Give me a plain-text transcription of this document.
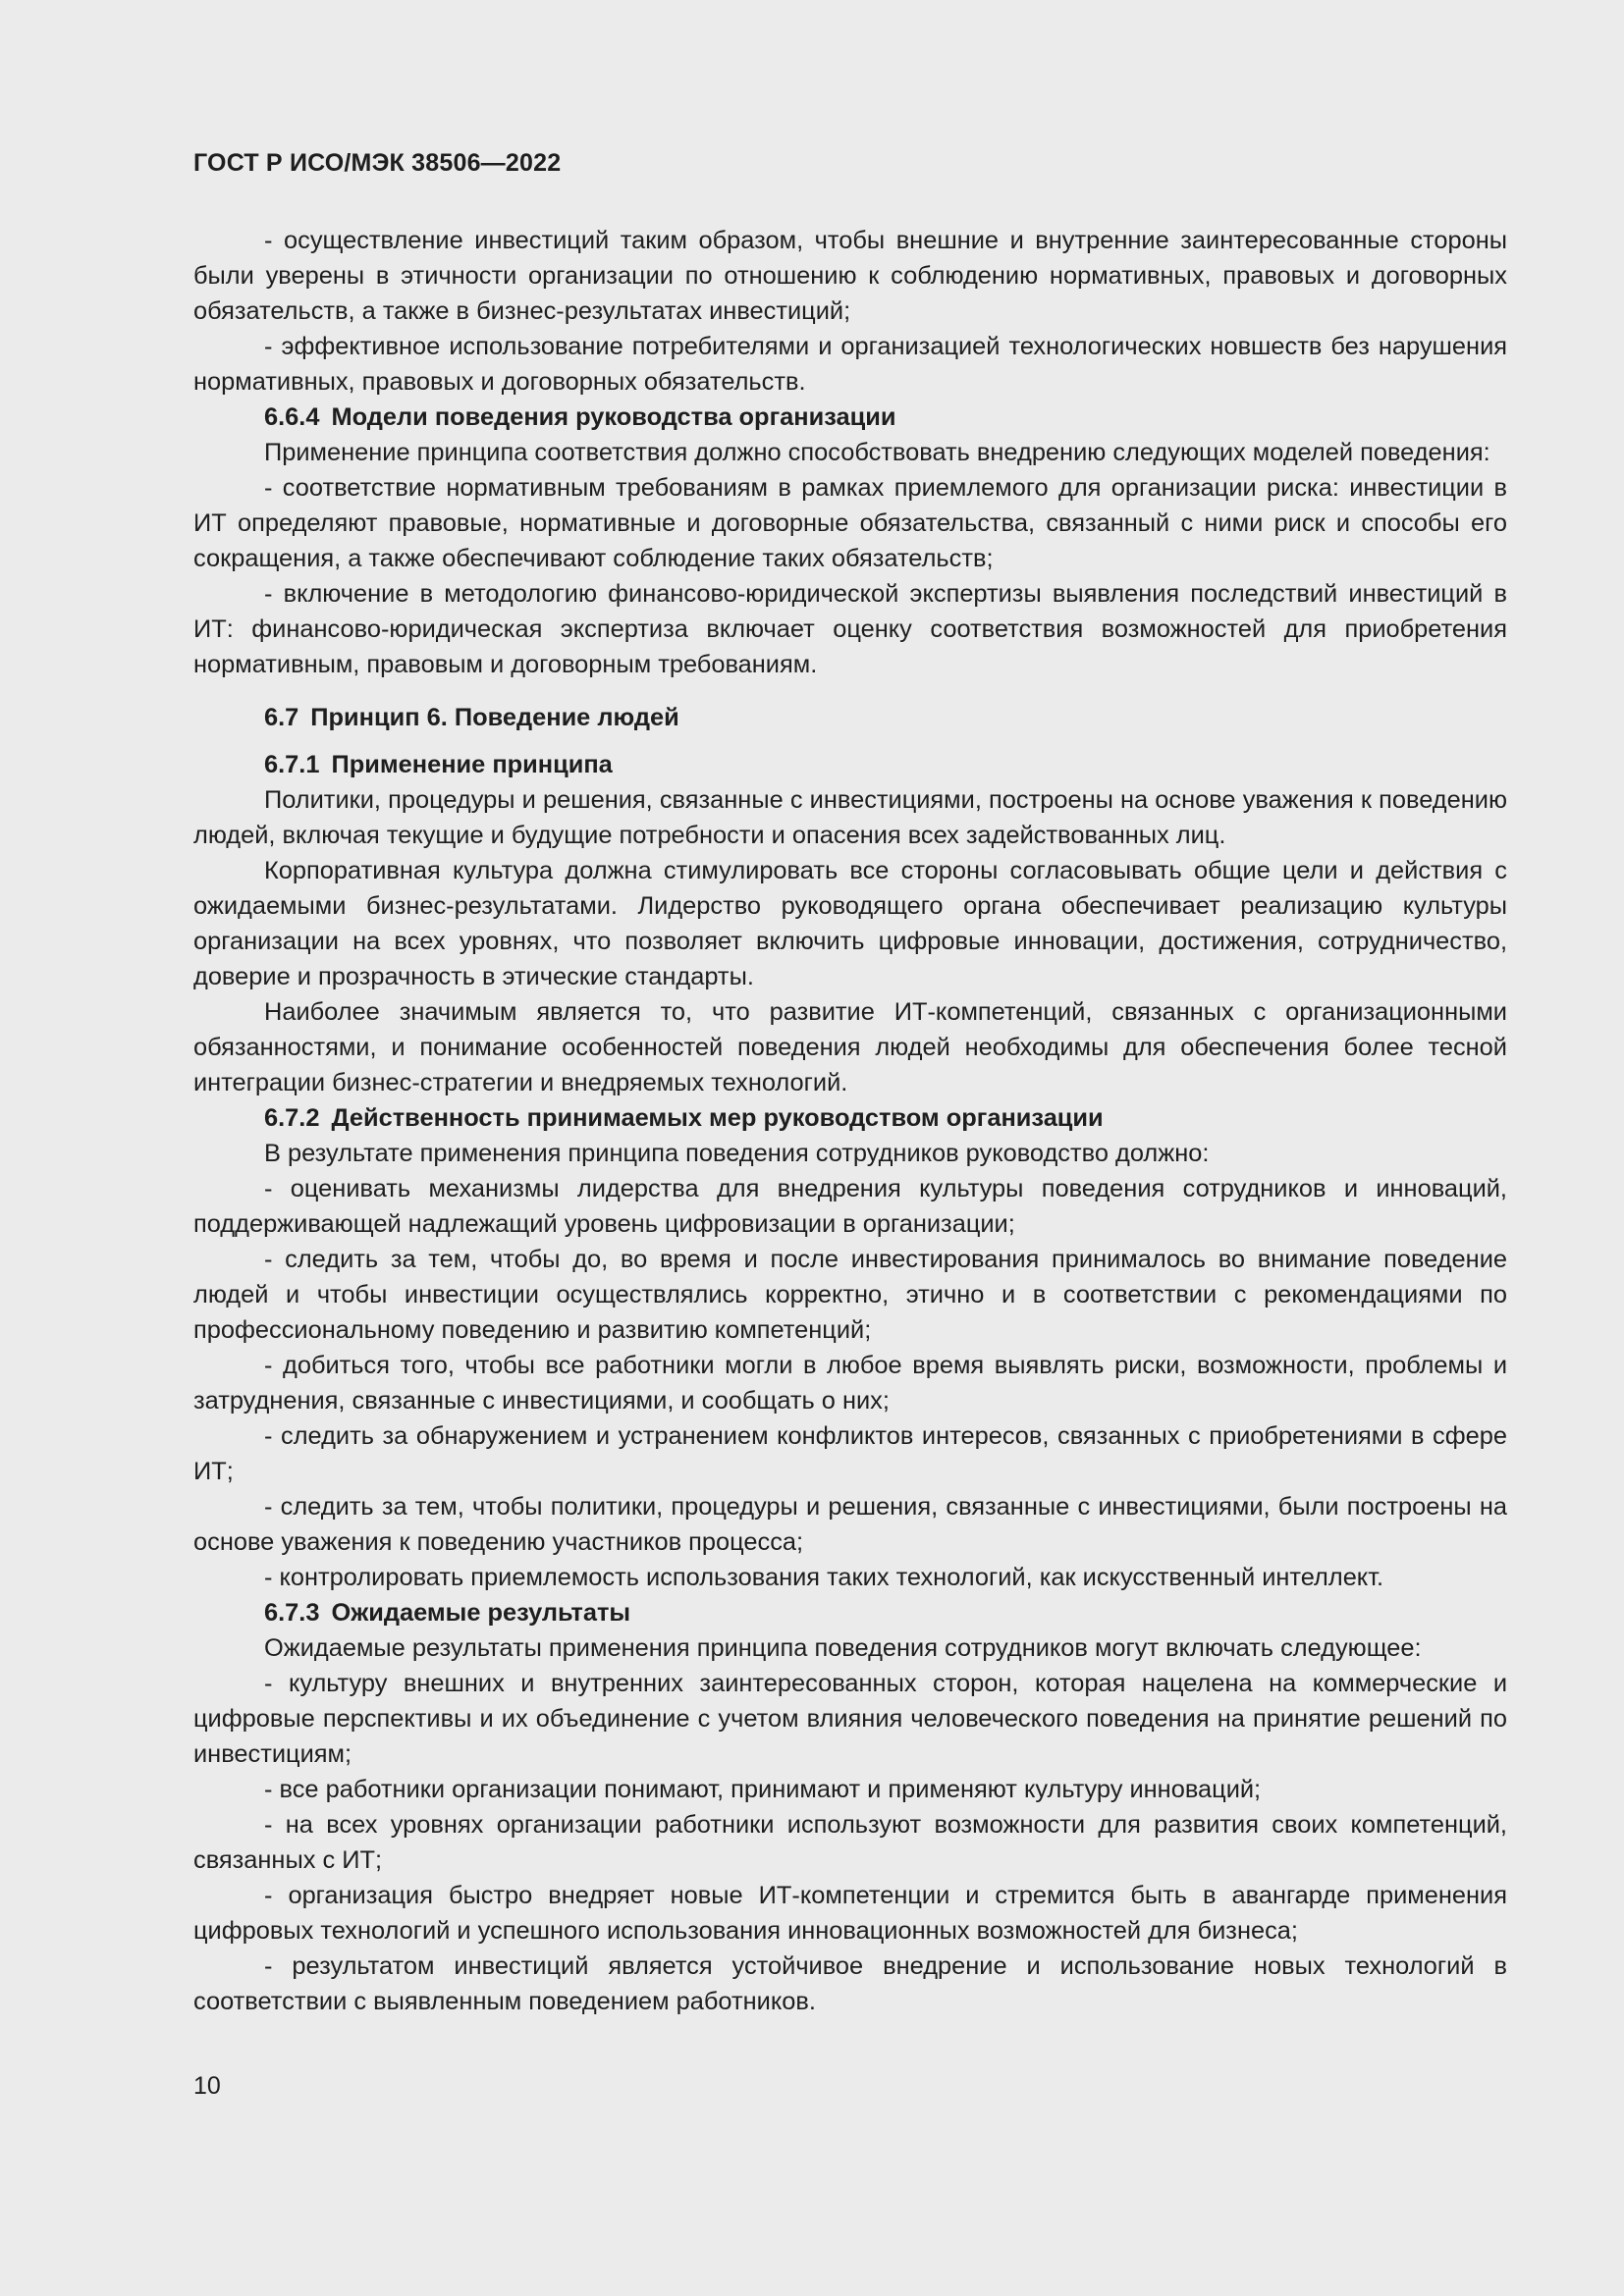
ГОСТ Р ИСО/МЭК 38506—2022

- осуществление инвестиций таким образом, чтобы внешние и внутренние заинтересованные стороны были уверены в этичности организации по отношению к соблюдению нормативных, правовых и договорных обязательств, а также в бизнес-результатах инвестиций;

- эффективное использование потребителями и организацией технологических новшеств без нарушения нормативных, правовых и договорных обязательств.

6.6.4 Модели поведения руководства организации

Применение принципа соответствия должно способствовать внедрению следующих моделей поведения:

- соответствие нормативным требованиям в рамках приемлемого для организации риска: инвестиции в ИТ определяют правовые, нормативные и договорные обязательства, связанный с ними риск и способы его сокращения, а также обеспечивают соблюдение таких обязательств;

- включение в методологию финансово-юридической экспертизы выявления последствий инвестиций в ИТ: финансово-юридическая экспертиза включает оценку соответствия возможностей для приобретения нормативным, правовым и договорным требованиям.

6.7 Принцип 6. Поведение людей

6.7.1 Применение принципа

Политики, процедуры и решения, связанные с инвестициями, построены на основе уважения к поведению людей, включая текущие и будущие потребности и опасения всех задействованных лиц.

Корпоративная культура должна стимулировать все стороны согласовывать общие цели и действия с ожидаемыми бизнес-результатами. Лидерство руководящего органа обеспечивает реализацию культуры организации на всех уровнях, что позволяет включить цифровые инновации, достижения, сотрудничество, доверие и прозрачность в этические стандарты.

Наиболее значимым является то, что развитие ИТ-компетенций, связанных с организационными обязанностями, и понимание особенностей поведения людей необходимы для обеспечения более тесной интеграции бизнес-стратегии и внедряемых технологий.

6.7.2 Действенность принимаемых мер руководством организации

В результате применения принципа поведения сотрудников руководство должно:

- оценивать механизмы лидерства для внедрения культуры поведения сотрудников и инноваций, поддерживающей надлежащий уровень цифровизации в организации;

- следить за тем, чтобы до, во время и после инвестирования принималось во внимание поведение людей и чтобы инвестиции осуществлялись корректно, этично и в соответствии с рекомендациями по профессиональному поведению и развитию компетенций;

- добиться того, чтобы все работники могли в любое время выявлять риски, возможности, проблемы и затруднения, связанные с инвестициями, и сообщать о них;

- следить за обнаружением и устранением конфликтов интересов, связанных с приобретениями в сфере ИТ;

- следить за тем, чтобы политики, процедуры и решения, связанные с инвестициями, были построены на основе уважения к поведению участников процесса;

- контролировать приемлемость использования таких технологий, как искусственный интеллект.

6.7.3 Ожидаемые результаты

Ожидаемые результаты применения принципа поведения сотрудников могут включать следующее:

- культуру внешних и внутренних заинтересованных сторон, которая нацелена на коммерческие и цифровые перспективы и их объединение с учетом влияния человеческого поведения на принятие решений по инвестициям;

- все работники организации понимают, принимают и применяют культуру инноваций;

- на всех уровнях организации работники используют возможности для развития своих компетенций, связанных с ИТ;

- организация быстро внедряет новые ИТ-компетенции и стремится быть в авангарде применения цифровых технологий и успешного использования инновационных возможностей для бизнеса;

- результатом инвестиций является устойчивое внедрение и использование новых технологий в соответствии с выявленным поведением работников.

10
